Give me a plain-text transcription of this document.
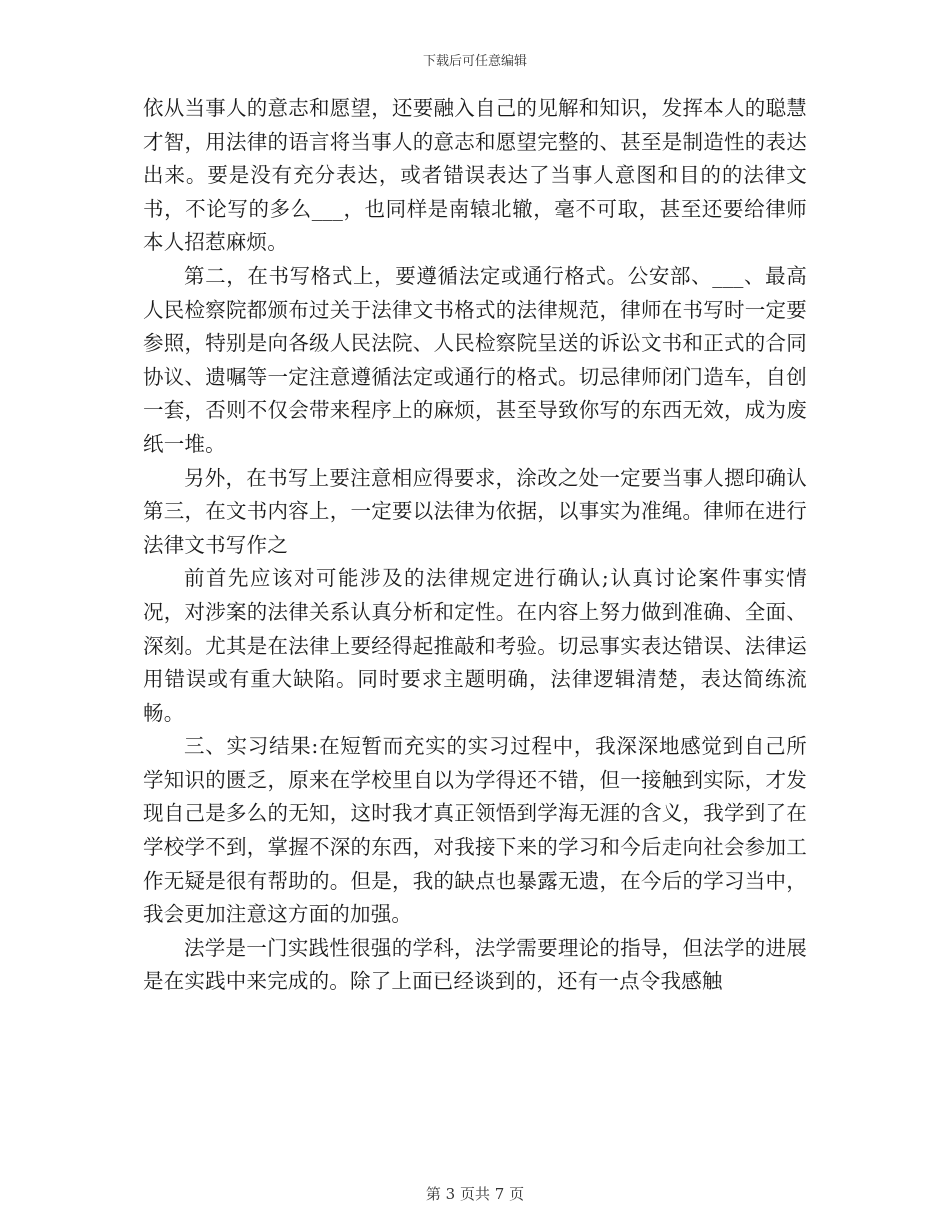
下载后可任意编辑

依从当事人的意志和愿望，还要融入自己的见解和知识，发挥本人的聪慧才智，用法律的语言将当事人的意志和愿望完整的、甚至是制造性的表达出来。要是没有充分表达，或者错误表达了当事人意图和目的的法律文书，不论写的多么___，也同样是南辕北辙，毫不可取，甚至还要给律师本人招惹麻烦。

第二，在书写格式上，要遵循法定或通行格式。公安部、___、最高人民检察院都颁布过关于法律文书格式的法律规范，律师在书写时一定要参照，特别是向各级人民法院、人民检察院呈送的诉讼文书和正式的合同协议、遗嘱等一定注意遵循法定或通行的格式。切忌律师闭门造车，自创一套，否则不仅会带来程序上的麻烦，甚至导致你写的东西无效，成为废纸一堆。

另外，在书写上要注意相应得要求，涂改之处一定要当事人摁印确认第三，在文书内容上，一定要以法律为依据，以事实为准绳。律师在进行法律文书写作之

前首先应该对可能涉及的法律规定进行确认;认真讨论案件事实情况，对涉案的法律关系认真分析和定性。在内容上努力做到准确、全面、深刻。尤其是在法律上要经得起推敲和考验。切忌事实表达错误、法律运用错误或有重大缺陷。同时要求主题明确，法律逻辑清楚，表达简练流畅。

三、实习结果:在短暂而充实的实习过程中，我深深地感觉到自己所学知识的匮乏，原来在学校里自以为学得还不错，但一接触到实际，才发现自己是多么的无知，这时我才真正领悟到学海无涯的含义，我学到了在学校学不到，掌握不深的东西，对我接下来的学习和今后走向社会参加工作无疑是很有帮助的。但是，我的缺点也暴露无遗，在今后的学习当中，我会更加注意这方面的加强。

法学是一门实践性很强的学科，法学需要理论的指导，但法学的进展是在实践中来完成的。除了上面已经谈到的，还有一点令我感触

第 3 页共 7 页
